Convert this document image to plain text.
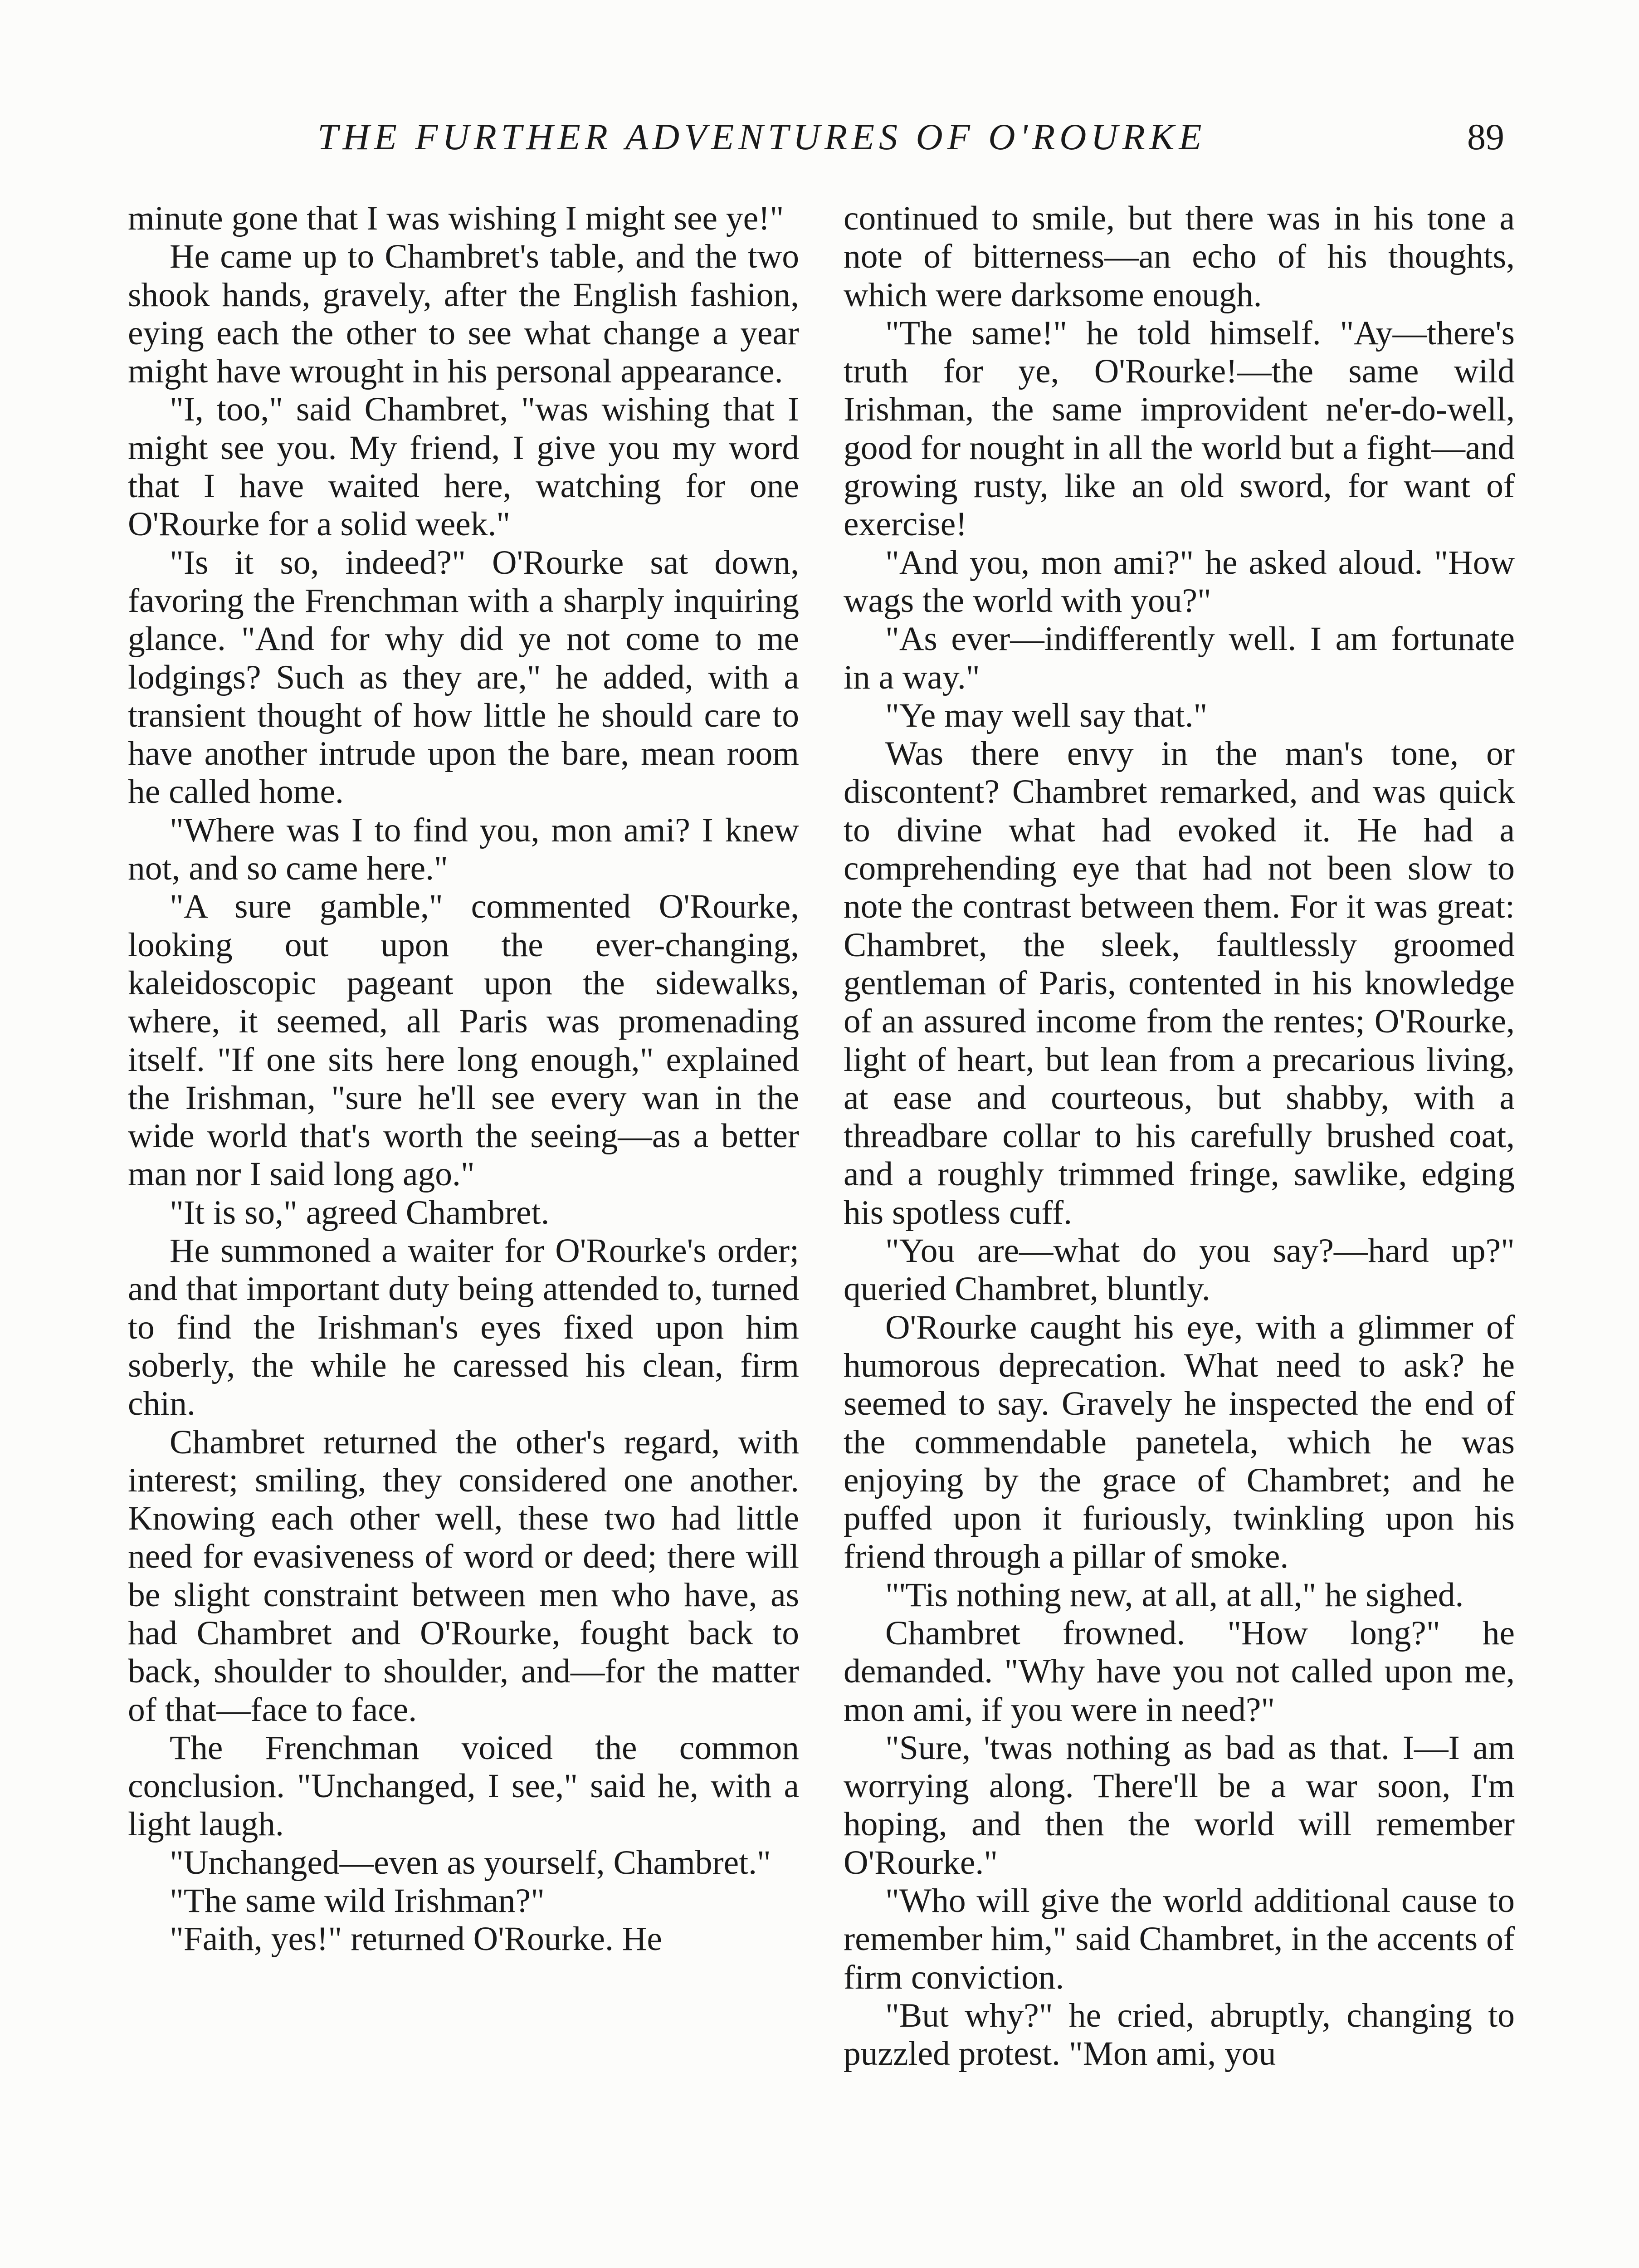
THE FURTHER ADVENTURES OF O'ROURKE	89

minute gone that I was wishing I might see ye!"

He came up to Chambret's table, and the two shook hands, gravely, after the English fashion, eying each the other to see what change a year might have wrought in his personal appearance.

"I, too," said Chambret, "was wishing that I might see you. My friend, I give you my word that I have waited here, watching for one O'Rourke for a solid week."

"Is it so, indeed?" O'Rourke sat down, favoring the Frenchman with a sharply inquiring glance. "And for why did ye not come to me lodgings? Such as they are," he added, with a transient thought of how little he should care to have another intrude upon the bare, mean room he called home.

"Where was I to find you, mon ami? I knew not, and so came here."

"A sure gamble," commented O'Rourke, looking out upon the ever-changing, kaleidoscopic pageant upon the sidewalks, where, it seemed, all Paris was promenading itself. "If one sits here long enough," explained the Irishman, "sure he'll see every wan in the wide world that's worth the seeing—as a better man nor I said long ago."

"It is so," agreed Chambret.

He summoned a waiter for O'Rourke's order; and that important duty being attended to, turned to find the Irishman's eyes fixed upon him soberly, the while he caressed his clean, firm chin.

Chambret returned the other's regard, with interest; smiling, they considered one another. Knowing each other well, these two had little need for evasiveness of word or deed; there will be slight constraint between men who have, as had Chambret and O'Rourke, fought back to back, shoulder to shoulder, and—for the matter of that—face to face.

The Frenchman voiced the common conclusion. "Unchanged, I see," said he, with a light laugh.

"Unchanged—even as yourself, Chambret."

"The same wild Irishman?"

"Faith, yes!" returned O'Rourke. He

continued to smile, but there was in his tone a note of bitterness—an echo of his thoughts, which were darksome enough.

"The same!" he told himself. "Ay—there's truth for ye, O'Rourke!—the same wild Irishman, the same improvident ne'er-do-well, good for nought in all the world but a fight—and growing rusty, like an old sword, for want of exercise!

"And you, mon ami?" he asked aloud. "How wags the world with you?"

"As ever—indifferently well. I am fortunate in a way."

"Ye may well say that."

Was there envy in the man's tone, or discontent? Chambret remarked, and was quick to divine what had evoked it. He had a comprehending eye that had not been slow to note the contrast between them. For it was great: Chambret, the sleek, faultlessly groomed gentleman of Paris, contented in his knowledge of an assured income from the rentes; O'Rourke, light of heart, but lean from a precarious living, at ease and courteous, but shabby, with a threadbare collar to his carefully brushed coat, and a roughly trimmed fringe, sawlike, edging his spotless cuff.

"You are—what do you say?—hard up?" queried Chambret, bluntly.

O'Rourke caught his eye, with a glimmer of humorous deprecation. What need to ask? he seemed to say. Gravely he inspected the end of the commendable panetela, which he was enjoying by the grace of Chambret; and he puffed upon it furiously, twinkling upon his friend through a pillar of smoke.

"'Tis nothing new, at all, at all," he sighed.

Chambret frowned. "How long?" he demanded. "Why have you not called upon me, mon ami, if you were in need?"

"Sure, 'twas nothing as bad as that. I—I am worrying along. There'll be a war soon, I'm hoping, and then the world will remember O'Rourke."

"Who will give the world additional cause to remember him," said Chambret, in the accents of firm conviction.

"But why?" he cried, abruptly, changing to puzzled protest. "Mon ami, you
